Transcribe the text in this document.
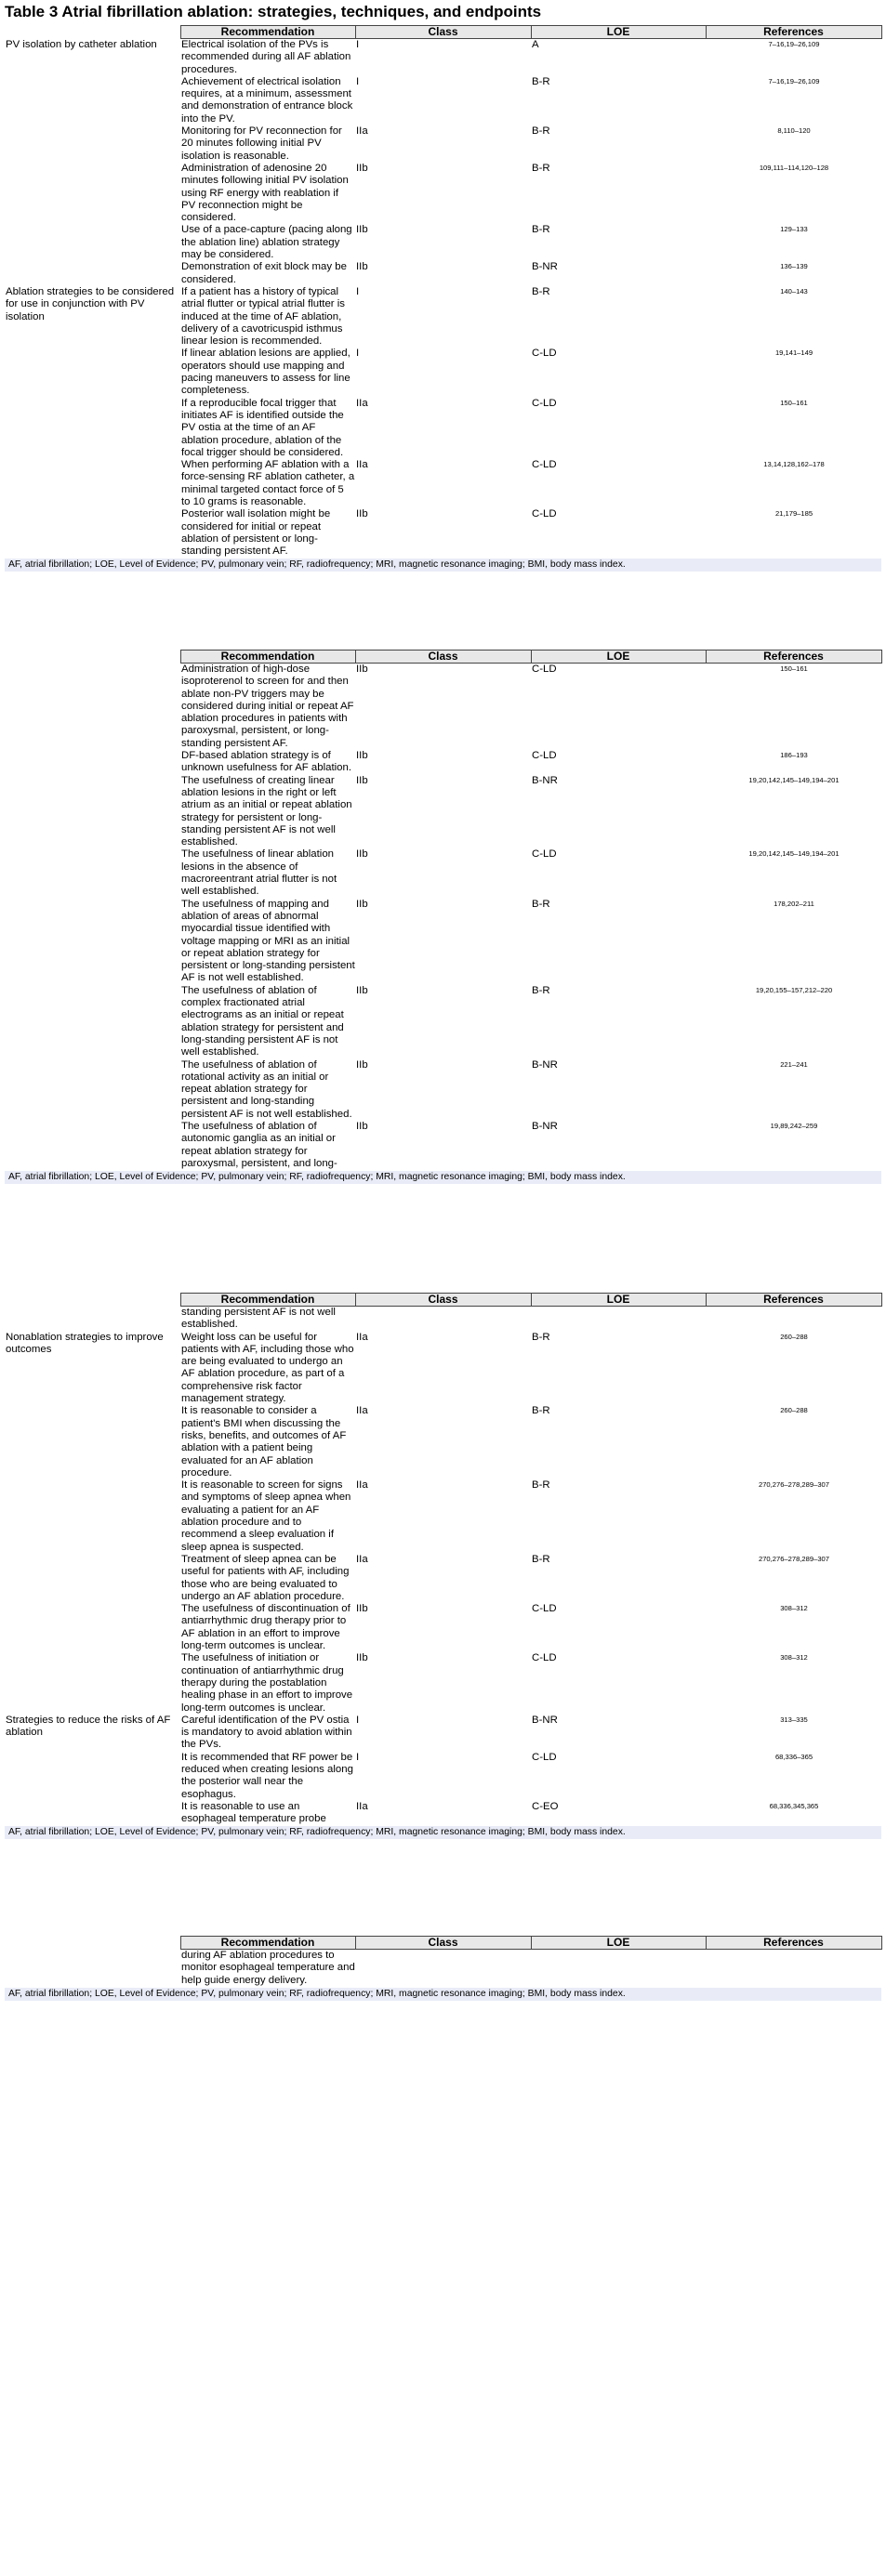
Table 3 Atrial fibrillation ablation: strategies, techniques, and endpoints
	Recommendation	Class	LOE	References
PV isolation by catheter ablation	Electrical isolation of the PVs is recommended during all AF ablation procedures.	I	A	7–16,19–26,109
	Achievement of electrical isolation requires, at a minimum, assessment and demonstration of entrance block into the PV.	I	B-R	7–16,19–26,109
	Monitoring for PV reconnection for 20 minutes following initial PV isolation is reasonable.	IIa	B-R	8,110–120
	Administration of adenosine 20 minutes following initial PV isolation using RF energy with reablation if PV reconnection might be considered.	IIb	B-R	109,111–114,120–128
	Use of a pace-capture (pacing along the ablation line) ablation strategy may be considered.	IIb	B-R	129–133
	Demonstration of exit block may be considered.	IIb	B-NR	136–139
Ablation strategies to be considered for use in conjunction with PV isolation	If a patient has a history of typical atrial flutter or typical atrial flutter is induced at the time of AF ablation, delivery of a cavotricuspid isthmus linear lesion is recommended.	I	B-R	140–143
	If linear ablation lesions are applied, operators should use mapping and pacing maneuvers to assess for line completeness.	I	C-LD	19,141–149
	If a reproducible focal trigger that initiates AF is identified outside the PV ostia at the time of an AF ablation procedure, ablation of the focal trigger should be considered.	IIa	C-LD	150–161
	When performing AF ablation with a force-sensing RF ablation catheter, a minimal targeted contact force of 5 to 10 grams is reasonable.	IIa	C-LD	13,14,128,162–178
	Posterior wall isolation might be considered for initial or repeat ablation of persistent or long-standing persistent AF.	IIb	C-LD	21,179–185
AF, atrial fibrillation; LOE, Level of Evidence; PV, pulmonary vein; RF, radiofrequency; MRI, magnetic resonance imaging; BMI, body mass index.
	Recommendation	Class	LOE	References
	Administration of high-dose isoproterenol to screen for and then ablate non-PV triggers may be considered during initial or repeat AF ablation procedures in patients with paroxysmal, persistent, or long-standing persistent AF.	IIb	C-LD	150–161
	DF-based ablation strategy is of unknown usefulness for AF ablation.	IIb	C-LD	186–193
	The usefulness of creating linear ablation lesions in the right or left atrium as an initial or repeat ablation strategy for persistent or long-standing persistent AF is not well established.	IIb	B-NR	19,20,142,145–149,194–201
	The usefulness of linear ablation lesions in the absence of macroreentrant atrial flutter is not well established.	IIb	C-LD	19,20,142,145–149,194–201
	The usefulness of mapping and ablation of areas of abnormal myocardial tissue identified with voltage mapping or MRI as an initial or repeat ablation strategy for persistent or long-standing persistent AF is not well established.	IIb	B-R	178,202–211
	The usefulness of ablation of complex fractionated atrial electrograms as an initial or repeat ablation strategy for persistent and long-standing persistent AF is not well established.	IIb	B-R	19,20,155–157,212–220
	The usefulness of ablation of rotational activity as an initial or repeat ablation strategy for persistent and long-standing persistent AF is not well established.	IIb	B-NR	221–241

	The usefulness of ablation of autonomic ganglia as an initial or repeat ablation strategy for paroxysmal, persistent, and long-	IIb	B-NR	19,89,242–259
AF, atrial fibrillation; LOE, Level of Evidence; PV, pulmonary vein; RF, radiofrequency; MRI, magnetic resonance imaging; BMI, body mass index.
	Recommendation	Class	LOE	References
	standing persistent AF is not well established.			
Nonablation strategies to improve outcomes	Weight loss can be useful for patients with AF, including those who are being evaluated to undergo an AF ablation procedure, as part of a comprehensive risk factor management strategy.	IIa	B-R	260–288
	It is reasonable to consider a patient's BMI when discussing the risks, benefits, and outcomes of AF ablation with a patient being evaluated for an AF ablation procedure.	IIa	B-R	260–288
	It is reasonable to screen for signs and symptoms of sleep apnea when evaluating a patient for an AF ablation procedure and to recommend a sleep evaluation if sleep apnea is suspected.	IIa	B-R	270,276–278,289–307
	Treatment of sleep apnea can be useful for patients with AF, including those who are being evaluated to undergo an AF ablation procedure.	IIa	B-R	270,276–278,289–307
	The usefulness of discontinuation of antiarrhythmic drug therapy prior to AF ablation in an effort to improve long-term outcomes is unclear.	IIb	C-LD	308–312
	The usefulness of initiation or continuation of antiarrhythmic drug therapy during the postablation healing phase in an effort to improve long-term outcomes is unclear.	IIb	C-LD	308–312
Strategies to reduce the risks of AF ablation	Careful identification of the PV ostia is mandatory to avoid ablation within the PVs.	I	B-NR	313–335
	It is recommended that RF power be reduced when creating lesions along the posterior wall near the esophagus.	I	C-LD	68,336–365

	It is reasonable to use an esophageal temperature probe	IIa	C-EO	68,336,345,365
AF, atrial fibrillation; LOE, Level of Evidence; PV, pulmonary vein; RF, radiofrequency; MRI, magnetic resonance imaging; BMI, body mass index.
	Recommendation	Class	LOE	References
	during AF ablation procedures to monitor esophageal temperature and help guide energy delivery.			
AF, atrial fibrillation; LOE, Level of Evidence; PV, pulmonary vein; RF, radiofrequency; MRI, magnetic resonance imaging; BMI, body mass index.
